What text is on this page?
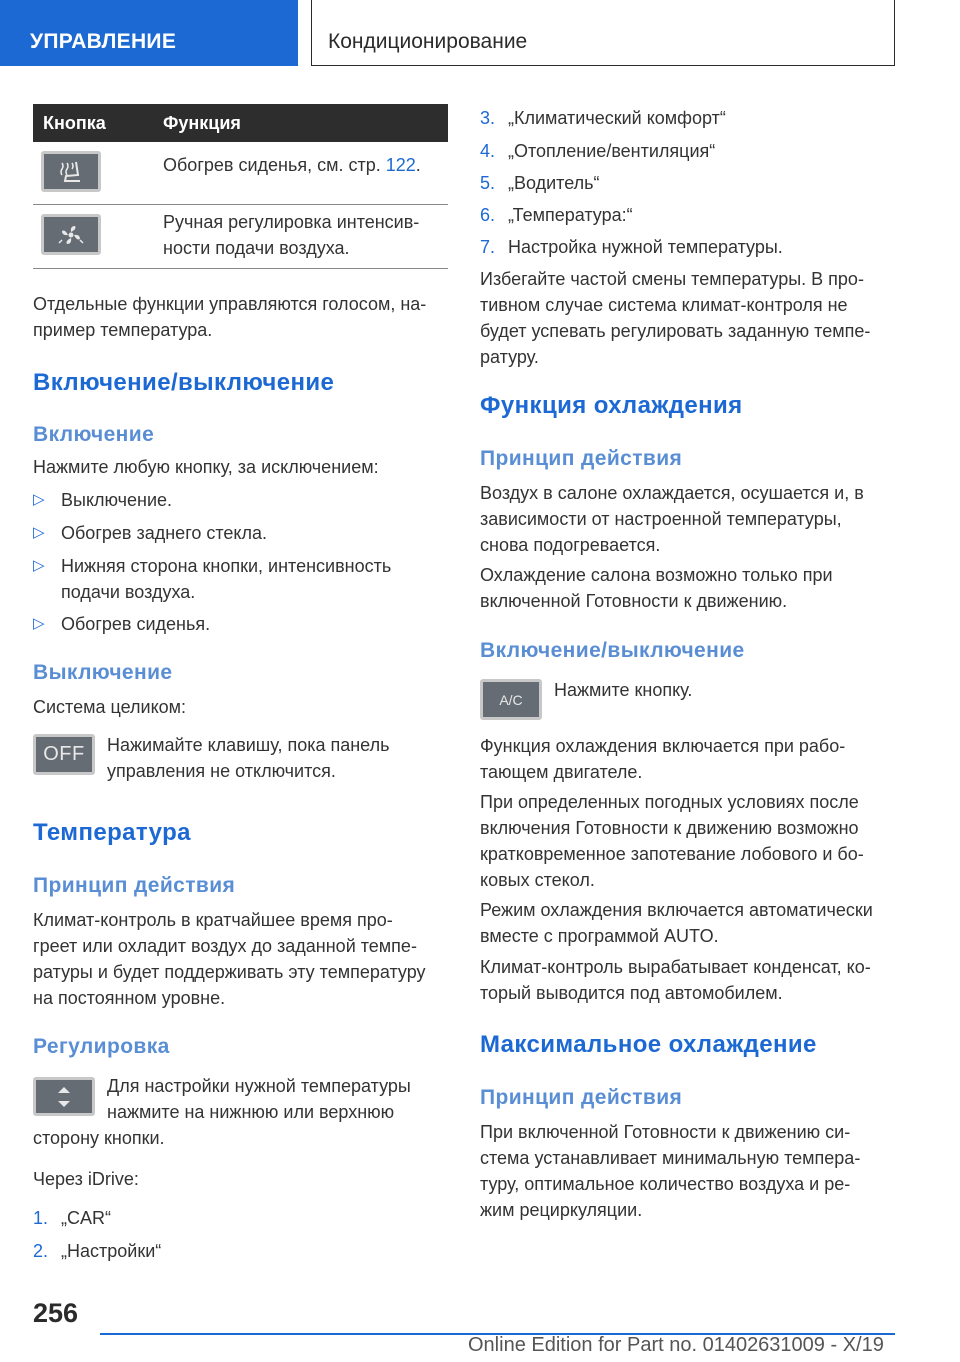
УПРАВЛЕНИЕ	Кондиционирование
Кнопка	Функция
Обогрев сиденья, см. стр. 122.
Ручная регулировка интенсив-
ности подачи воздуха.

Отдельные функции управляются голосом, на-
пример температура.

Включение/выключение
Включение

Нажмите любую кнопку, за исключением:

▷ Выключение.
▷ Обогрев заднего стекла.
▷ Нижняя сторона кнопки, интенсивность
подачи воздуха.
▷ Обогрев сиденья.
Выключение

Система целиком:

OFF	Нажимайте клавишу, пока панель
управления не отключится.

Температура
Принцип действия

Климат-контроль в кратчайшее время про-
греет или охладит воздух до заданной темпе-
ратуры и будет поддерживать эту температуру
на постоянном уровне.

Регулировка

Для настройки нужной температуры
нажмите на нижнюю или верхнюю

сторону кнопки.

Через iDrive:

1. „CAR“
2. „Настройки“
3. „Климатический комфорт“
4. „Отопление/вентиляция“
5. „Водитель“
6. „Температура:“
7. Настройка нужной температуры.

Избегайте частой смены температуры. В про-
тивном случае система климат-контроля не
будет успевать регулировать заданную темпе-
ратуру.

Функция охлаждения
Принцип действия

Воздух в салоне охлаждается, осушается и, в
зависимости от настроенной температуры,
снова подогревается.

Охлаждение салона возможно только при
включенной Готовности к движению.

Включение/выключение
A/C	Нажмите кнопку.

Функция охлаждения включается при рабо-
тающем двигателе.

При определенных погодных условиях после
включения Готовности к движению возможно
кратковременное запотевание лобового и бо-
ковых стекол.

Режим охлаждения включается автоматически
вместе с программой AUTO.

Климат-контроль вырабатывает конденсат, ко-
торый выводится под автомобилем.

Максимальное охлаждение
Принцип действия

При включенной Готовности к движению си-
стема устанавливает минимальную темпера-
туру, оптимальное количество воздуха и ре-
жим рециркуляции.

256
Online Edition for Part no. 01402631009 - X/19
